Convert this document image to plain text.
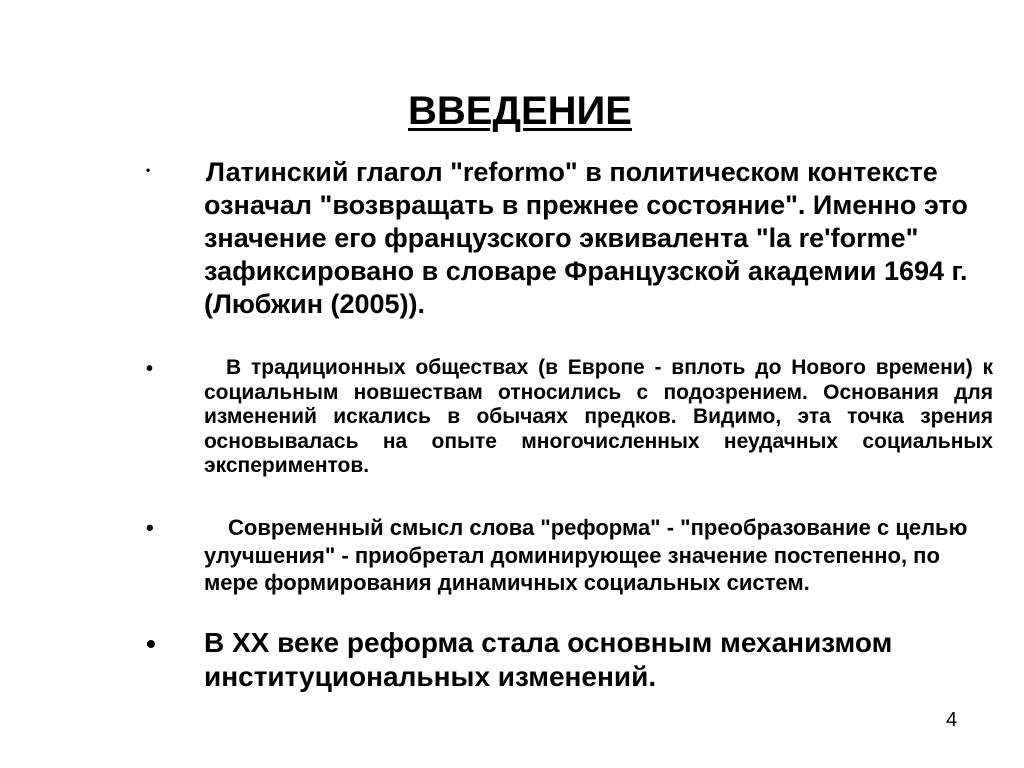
ВВЕДЕНИЕ
• Латинский глагол "reformo" в политическом контексте означал "возвращать в прежнее состояние". Именно это значение его французского эквивалента "la re'forme" зафиксировано в словаре Французской академии 1694 г. (Любжин (2005)).
•	В традиционных обществах (в Европе - вплоть до Нового времени) к социальным новшествам относились с подозрением. Основания для изменений искались в обычаях предков. Видимо, эта точка зрения основывалась на опыте многочисленных неудачных социальных экспериментов.
•	Современный смысл слова "реформа" - "преобразование с целью улучшения" - приобретал доминирующее значение постепенно, по мере формирования динамичных социальных систем.
• В XX веке реформа стала основным механизмом институциональных изменений.
4
